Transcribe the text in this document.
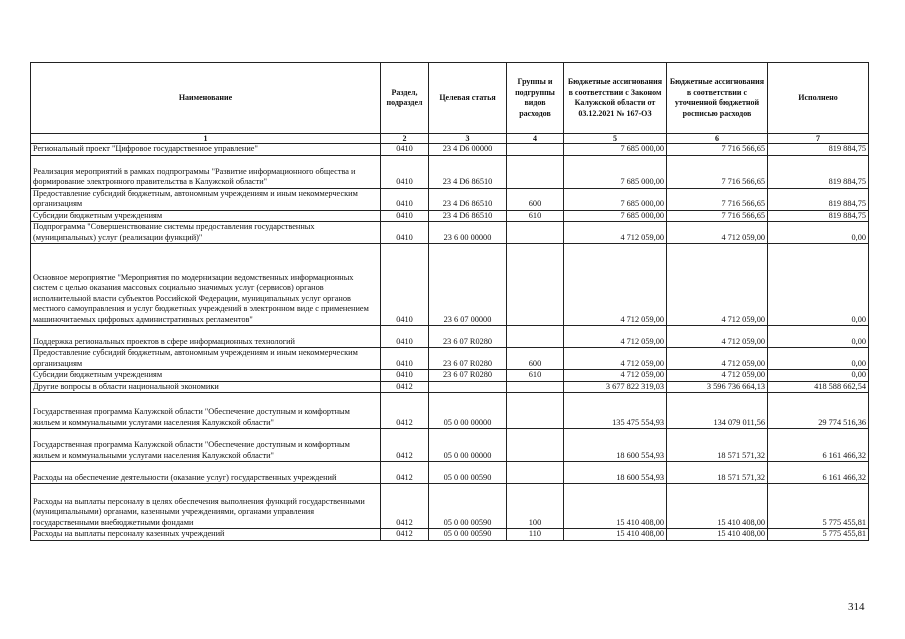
Наименование	Раздел, подраздел	Целевая статья	Группы и подгруппы видов расходов	Бюджетные ассигнования в соответствии с Законом Калужской области от 03.12.2021 № 167-ОЗ	Бюджетные ассигнования в соответствии с уточненной бюджетной росписью расходов	Исполнено
1	2	3	4	5	6	7
Региональный проект "Цифровое государственное управление"	0410	23 4 D6 00000		7 685 000,00	7 716 566,65	819 884,75
Реализация мероприятий в рамках подпрограммы "Развитие информационного общества и формирование электронного правительства в Калужской области"	0410	23 4 D6 86510		7 685 000,00	7 716 566,65	819 884,75
Предоставление субсидий бюджетным, автономным учреждениям и иным некоммерческим организациям	0410	23 4 D6 86510	600	7 685 000,00	7 716 566,65	819 884,75
Субсидии бюджетным учреждениям	0410	23 4 D6 86510	610	7 685 000,00	7 716 566,65	819 884,75
Подпрограмма "Совершенствование системы предоставления государственных (муниципальных) услуг (реализации функций)"	0410	23 6 00 00000		4 712 059,00	4 712 059,00	0,00
Основное мероприятие "Мероприятия по модернизации ведомственных информационных систем с целью оказания массовых социально значимых услуг (сервисов) органов исполнительной власти субъектов Российской Федерации, муниципальных услуг органов местного самоуправления и услуг бюджетных учреждений в электронном виде с применением машиночитаемых цифровых административных регламентов"	0410	23 6 07 00000		4 712 059,00	4 712 059,00	0,00
Поддержка региональных проектов в сфере информационных технологий	0410	23 6 07 R0280		4 712 059,00	4 712 059,00	0,00
Предоставление субсидий бюджетным, автономным учреждениям и иным некоммерческим организациям	0410	23 6 07 R0280	600	4 712 059,00	4 712 059,00	0,00
Субсидии бюджетным учреждениям	0410	23 6 07 R0280	610	4 712 059,00	4 712 059,00	0,00
Другие вопросы в области национальной экономики	0412			3 677 822 319,03	3 596 736 664,13	418 588 662,54
Государственная программа Калужской области "Обеспечение доступным и комфортным жильем и коммунальными услугами населения Калужской области"	0412	05 0 00 00000		135 475 554,93	134 079 011,56	29 774 516,36
Государственная программа Калужской области "Обеспечение доступным и комфортным жильем и коммунальными услугами населения Калужской области"	0412	05 0 00 00000		18 600 554,93	18 571 571,32	6 161 466,32
Расходы на обеспечение деятельности (оказание услуг) государственных учреждений	0412	05 0 00 00590		18 600 554,93	18 571 571,32	6 161 466,32
Расходы на выплаты персоналу в целях обеспечения выполнения функций государственными (муниципальными) органами, казенными учреждениями, органами управления государственными внебюджетными фондами	0412	05 0 00 00590	100	15 410 408,00	15 410 408,00	5 775 455,81
Расходы на выплаты персоналу казенных учреждений	0412	05 0 00 00590	110	15 410 408,00	15 410 408,00	5 775 455,81
314
